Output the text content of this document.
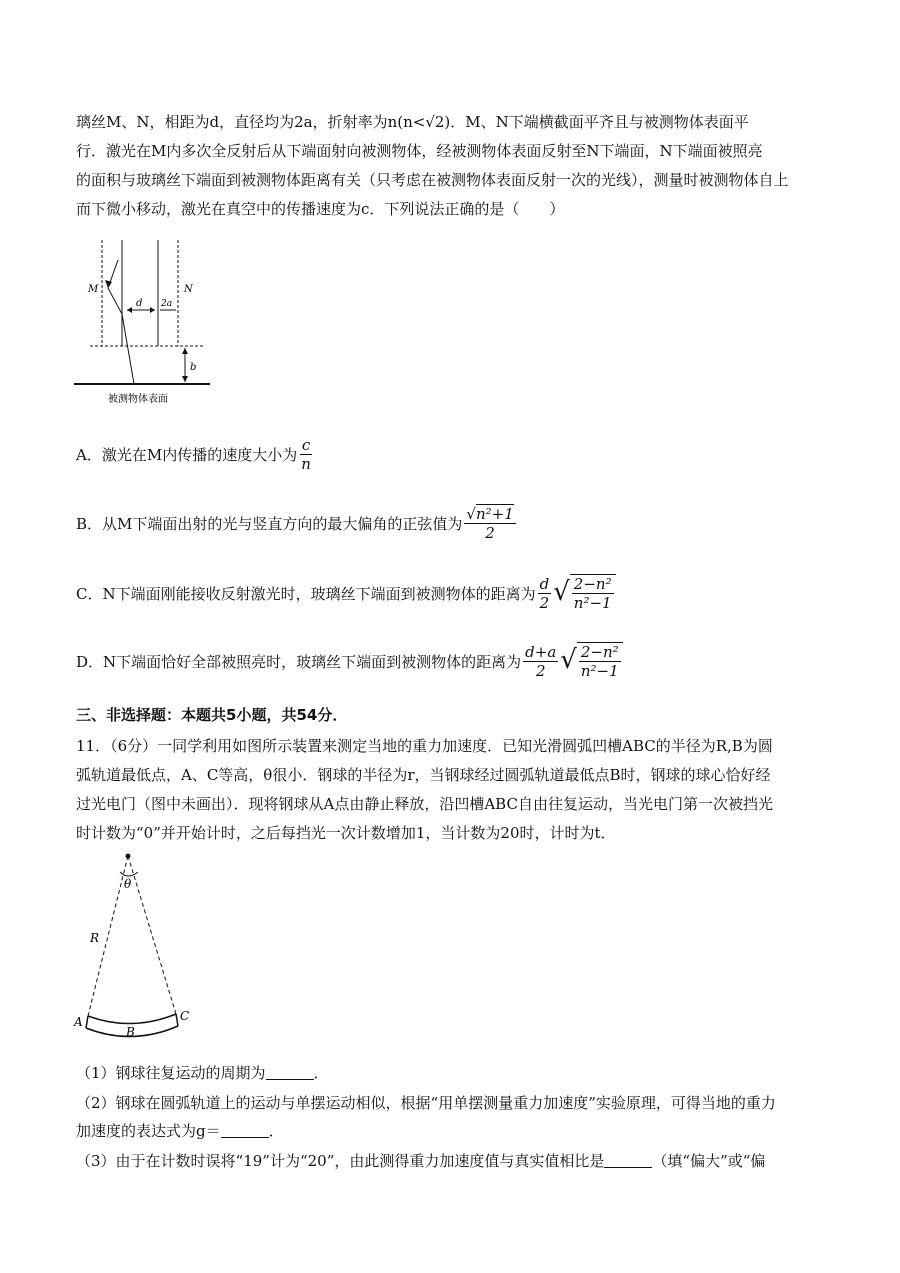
璃丝M、N，相距为d，直径均为2a，折射率为n(n<√2)．M、N下端横截面平齐且与被测物体表面平
行．激光在M内多次全反射后从下端面射向被测物体，经被测物体表面反射至N下端面，N下端面被照亮
的面积与玻璃丝下端面到被测物体距离有关（只考虑在被测物体表面反射一次的光线），测量时被测物体自上
而下微小移动，激光在真空中的传播速度为c．下列说法正确的是（　　）
M	N
d 2a
b
被测物体表面
A．激光在M内传播的速度大小为 $\frac{c}{n}$
B．从M下端面出射的光与竖直方向的最大偏角的正弦值为 $\frac{\text{√ n²+1}}{2}$
C．N下端面刚能接收反射激光时，玻璃丝下端面到被测物体的距离为 $\frac{d}{2}$ √ $\frac{\text{2−n²}}{\text{n²−1}}$
D．N下端面恰好全部被照亮时，玻璃丝下端面到被测物体的距离为 $\frac{d+a}{2}$ √ $\frac{\text{2−n²}}{\text{n²−1}}$
三、非选择题：本题共5小题，共54分．
11．（6分）一同学利用如图所示装置来测定当地的重力加速度．已知光滑圆弧凹槽ABC的半径为R,B为圆
弧轨道最低点，A、C等高，θ很小．钢球的半径为r，当钢球经过圆弧轨道最低点B时，钢球的球心恰好经
过光电门（图中未画出）．现将钢球从A点由静止释放，沿凹槽ABC自由往复运动，当光电门第一次被挡光
时计数为“0”并开始计时，之后每挡光一次计数增加1，当计数为20时，计时为t．
θ
R
A
B
C
（1）钢球往复运动的周期为	．
（2）钢球在圆弧轨道上的运动与单摆运动相似，根据“用单摆测量重力加速度”实验原理，可得当地的重力
加速度的表达式为g＝	．
（3）由于在计数时误将“19”计为“20”，由此测得重力加速度值与真实值相比是	（填“偏大”或“偏
